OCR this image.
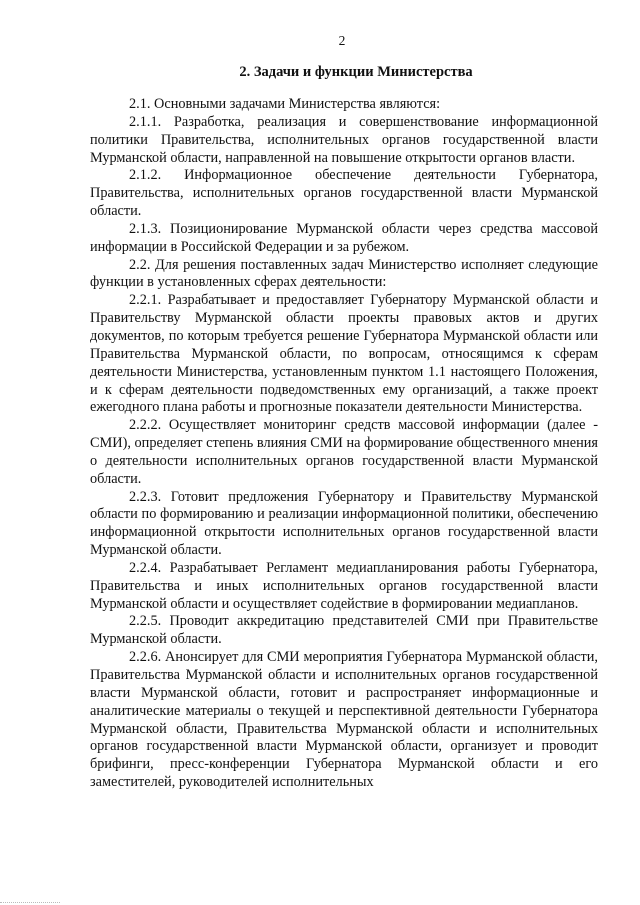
2
2. Задачи и функции Министерства

2.1. Основными задачами Министерства являются:

2.1.1. Разработка, реализация и совершенствование информационной политики Правительства, исполнительных органов государственной власти Мурманской области, направленной на повышение открытости органов власти.

2.1.2. Информационное обеспечение деятельности Губернатора, Правительства, исполнительных органов государственной власти Мурманской области.

2.1.3. Позиционирование Мурманской области через средства массовой информации в Российской Федерации и за рубежом.

2.2. Для решения поставленных задач Министерство исполняет следующие функции в установленных сферах деятельности:

2.2.1. Разрабатывает и предоставляет Губернатору Мурманской области и Правительству Мурманской области проекты правовых актов и других документов, по которым требуется решение Губернатора Мурманской области или Правительства Мурманской области, по вопросам, относящимся к сферам деятельности Министерства, установленным пунктом 1.1 настоящего Положения, и к сферам деятельности подведомственных ему организаций, а также проект ежегодного плана работы и прогнозные показатели деятельности Министерства.

2.2.2. Осуществляет мониторинг средств массовой информации (далее - СМИ), определяет степень влияния СМИ на формирование общественного мнения о деятельности исполнительных органов государственной власти Мурманской области.

2.2.3. Готовит предложения Губернатору и Правительству Мурманской области по формированию и реализации информационной политики, обеспечению информационной открытости исполнительных органов государственной власти Мурманской области.

2.2.4. Разрабатывает Регламент медиапланирования работы Губернатора, Правительства и иных исполнительных органов государственной власти Мурманской области и осуществляет содействие в формировании медиапланов.

2.2.5. Проводит аккредитацию представителей СМИ при Правительстве Мурманской области.

2.2.6. Анонсирует для СМИ мероприятия Губернатора Мурманской области, Правительства Мурманской области и исполнительных органов государственной власти Мурманской области, готовит и распространяет информационные и аналитические материалы о текущей и перспективной деятельности Губернатора Мурманской области, Правительства Мурманской области и исполнительных органов государственной власти Мурманской области, организует и проводит брифинги, пресс-конференции Губернатора Мурманской области и его заместителей, руководителей исполнительных
